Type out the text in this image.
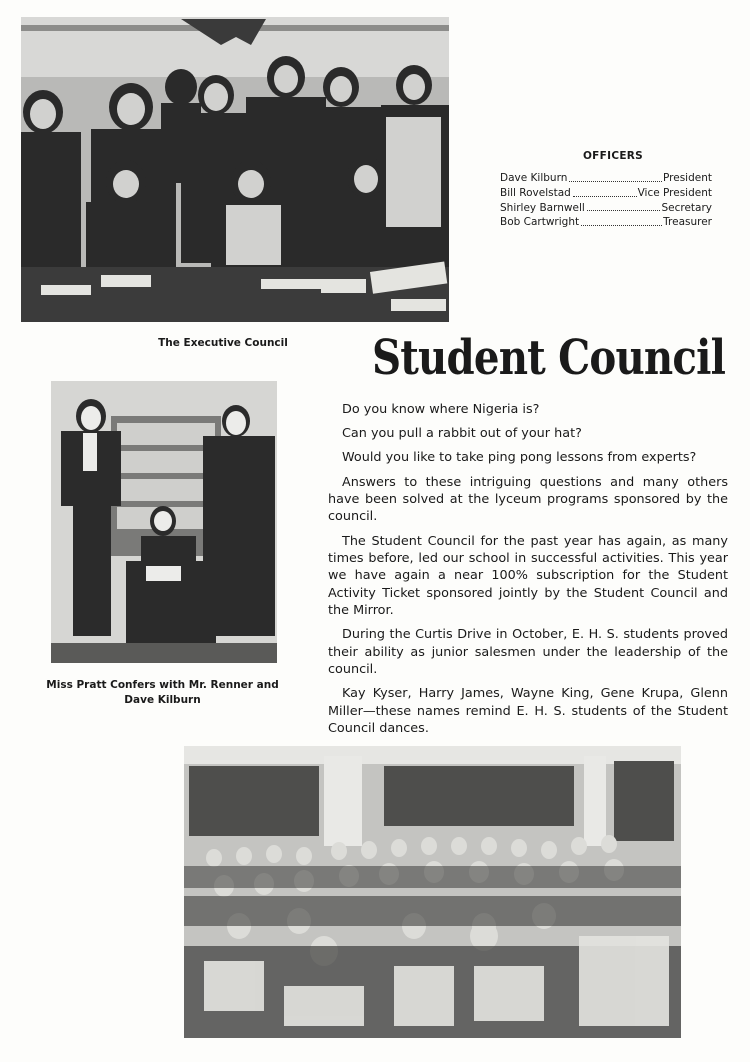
The Executive Council
OFFICERS
Dave Kilburn	President
Bill Rovelstad	Vice President
Shirley Barnwell	Secretary
Bob Cartwright	Treasurer
Student Council
Miss Pratt Confers with Mr. Renner and Dave Kilburn

Do you know where Nigeria is?

Can you pull a rabbit out of your hat?

Would you like to take ping pong lessons from experts?

Answers to these intriguing questions and many others have been solved at the lyceum programs sponsored by the council.

The Student Council for the past year has again, as many times before, led our school in successful activities. This year we have again a near 100% subscription for the Student Activity Ticket sponsored jointly by the Student Council and the Mirror.

During the Curtis Drive in October, E. H. S. students proved their ability as junior salesmen under the leadership of the council.

Kay Kyser, Harry James, Wayne King, Gene Krupa, Glenn Miller—these names remind E. H. S. students of the Student Council dances.
